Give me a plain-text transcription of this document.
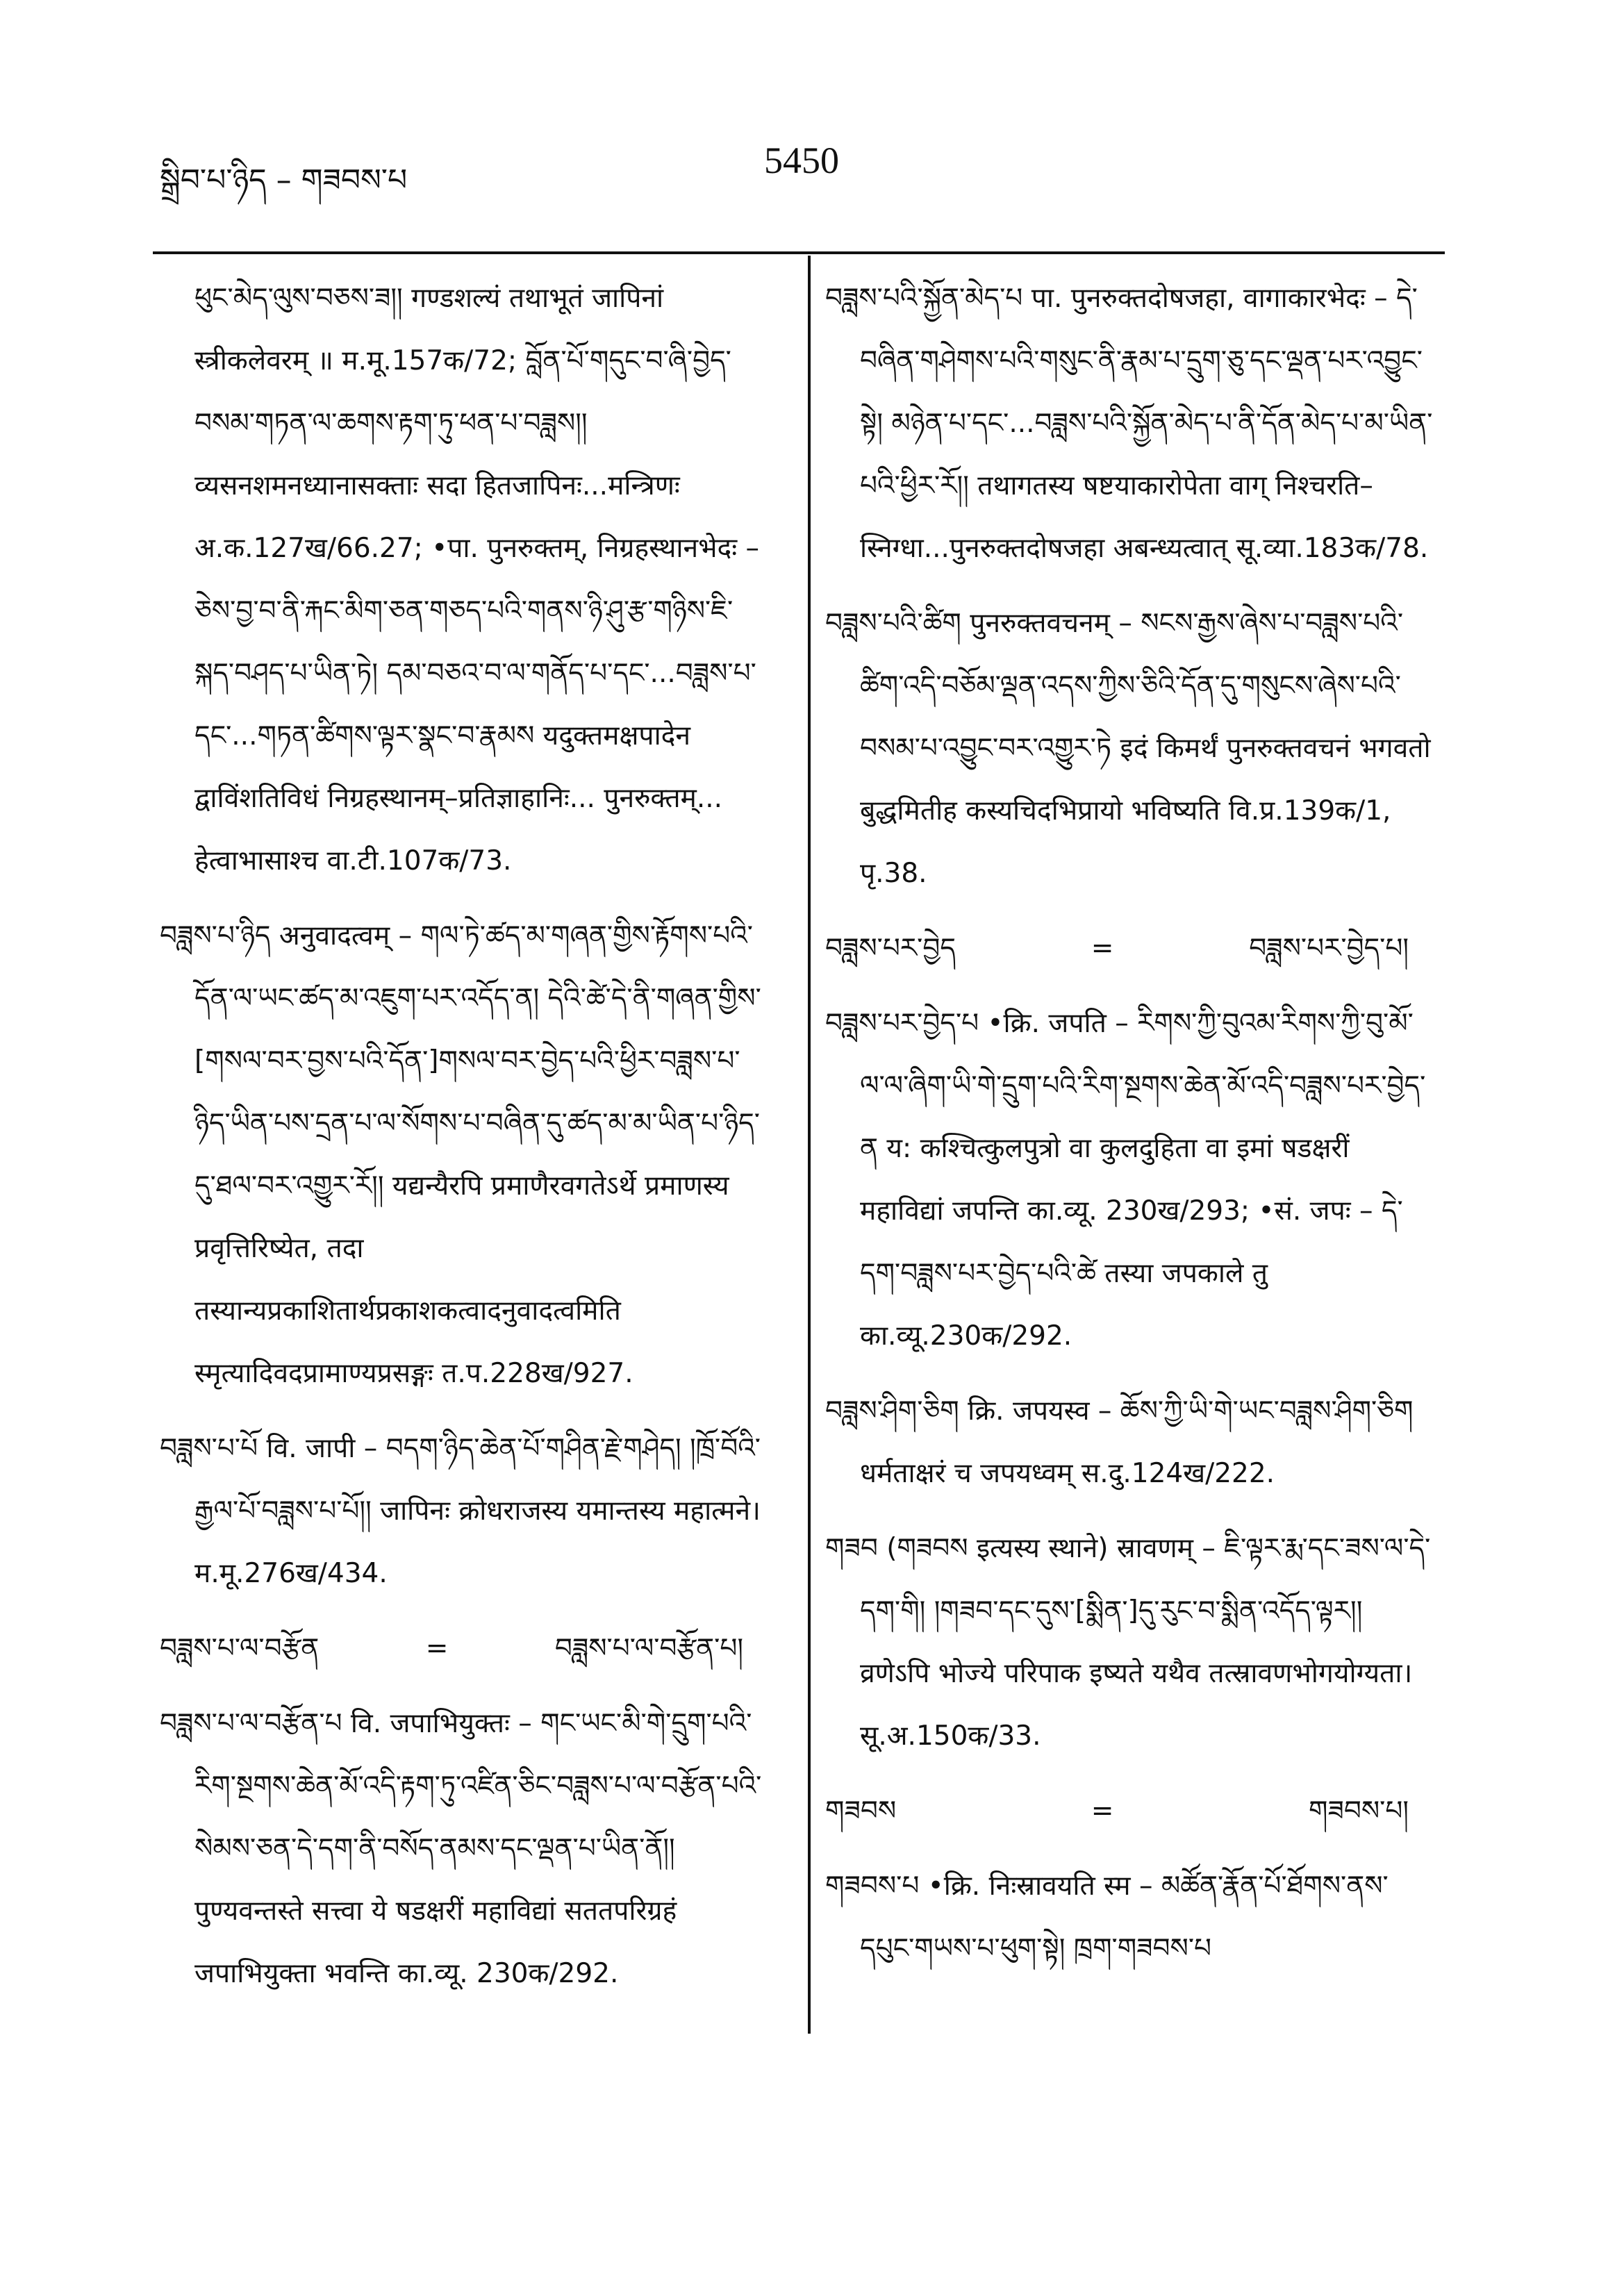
སྒྲིབ་པ་ཉིད – གཟབས་པ	5450

ཕུང་མེད་ལུས་བཅས་ཟ།། गण्डशल्यं तथाभूतं जापिनां स्त्रीकलेवरम् ॥ म.मू.157क/72; བློན་པོ་གདུང་བ་ཞི་བྱེད་བསམ་གཏན་ལ་ཆགས་རྟག་ཏུ་ཕན་པ་བཟླས།། व्यसनशमनध्यानासक्ताः सदा हितजापिनः...मन्त्रिणः अ.क.127ख/66.27; •पा. पुनरुक्तम्, निग्रहस्थानभेदः – ཅེས་བྱ་བ་ནི་རྐང་མིག་ཅན་གཅད་པའི་གནས་ཉི་ཤུ་རྩ་གཉིས་ཇི་སྐད་བཤད་པ་ཡིན་ཏེ། དམ་བཅའ་བ་ལ་གནོད་པ་དང་...བཟླས་པ་དང་...གཏན་ཚིགས་ལྟར་སྣང་བ་རྣམས यदुक्तमक्षपादेन द्वाविंशतिविधं निग्रहस्थानम्–प्रतिज्ञाहानिः... पुनरुक्तम्... हेत्वाभासाश्च वा.टी.107क/73.

བཟླས་པ་ཉིད अनुवादत्वम् – གལ་ཏེ་ཚད་མ་གཞན་གྱིས་རྟོགས་པའི་དོན་ལ་ཡང་ཚད་མ་འཇུག་པར་འདོད་ན། དེའི་ཚེ་དེ་ནི་གཞན་གྱིས་[གསལ་བར་བྱས་པའི་དོན་]གསལ་བར་བྱེད་པའི་ཕྱིར་བཟླས་པ་ཉིད་ཡིན་པས་དྲན་པ་ལ་སོགས་པ་བཞིན་དུ་ཚད་མ་མ་ཡིན་པ་ཉིད་དུ་ཐལ་བར་འགྱུར་རོ།། यद्यन्यैरपि प्रमाणैरवगतेऽर्थे प्रमाणस्य प्रवृत्तिरिष्येत, तदा तस्यान्यप्रकाशितार्थप्रकाशकत्वादनुवादत्वमिति स्मृत्यादिवदप्रामाण्यप्रसङ्गः त.प.228ख/927.

བཟླས་པ་པོ वि. जापी – བདག་ཉིད་ཆེན་པོ་གཤིན་རྗེ་གཤེད། །ཁྲོ་བོའི་རྒྱལ་པོ་བཟླས་པ་པོ།། जापिनः क्रोधराजस्य यमान्तस्य महात्मने। म.मू.276ख/434.

བཟླས་པ་ལ་བརྩོན	=	བཟླས་པ་ལ་བརྩོན་པ།

བཟླས་པ་ལ་བརྩོན་པ वि. जपाभियुक्तः – གང་ཡང་མི་གེ་དྲུག་པའི་རིག་སྔགས་ཆེན་མོ་འདི་རྟག་ཏུ་འཛིན་ཅིང་བཟླས་པ་ལ་བརྩོན་པའི་སེམས་ཅན་དེ་དག་ནི་བསོད་ནམས་དང་ལྡན་པ་ཡིན་ནོ།། पुण्यवन्तस्ते सत्त्वा ये षडक्षरीं महाविद्यां सततपरिग्रहं जपाभियुक्ता भवन्ति का.व्यू. 230क/292.

བཟླས་པའི་སྐྱོན་མེད་པ पा. पुनरुक्तदोषजहा, वागाकारभेदः – དེ་བཞིན་གཤེགས་པའི་གསུང་ནི་རྣམ་པ་དྲུག་ཅུ་དང་ལྡན་པར་འབྱུང་སྟེ། མཉེན་པ་དང་...བཟླས་པའི་སྐྱོན་མེད་པ་ནི་དོན་མེད་པ་མ་ཡིན་པའི་ཕྱིར་རོ།། तथागतस्य षष्टयाकारोपेता वाग् निश्चरति–स्निग्धा...पुनरुक्तदोषजहा अबन्ध्यत्वात् सू.व्या.183क/78.

བཟླས་པའི་ཚིག पुनरुक्तवचनम् – སངས་རྒྱས་ཞེས་པ་བཟླས་པའི་ཚིག་འདི་བཅོམ་ལྡན་འདས་ཀྱིས་ཅིའི་དོན་དུ་གསུངས་ཞེས་པའི་བསམ་པ་འབྱུང་བར་འགྱུར་ཏེ इदं किमर्थं पुनरुक्तवचनं भगवतो बुद्धमितीह कस्यचिदभिप्रायो भविष्यति वि.प्र.139क/1, पृ.38.

བཟླས་པར་བྱེད	=	བཟླས་པར་བྱེད་པ།

བཟླས་པར་བྱེད་པ •क्रि. जपति – རིགས་ཀྱི་བུའམ་རིགས་ཀྱི་བུ་མོ་ལ་ལ་ཞིག་ཡི་གེ་དྲུག་པའི་རིག་སྔགས་ཆེན་མོ་འདི་བཟླས་པར་བྱེད་ན य: कश्चित्कुलपुत्रो वा कुलदुहिता वा इमां षडक्षरीं महाविद्यां जपन्ति का.व्यू. 230ख/293; •सं. जपः – དེ་དག་བཟླས་པར་བྱེད་པའི་ཚེ तस्या जपकाले तु का.व्यू.230क/292.

བཟླས་ཤིག་ཅིག क्रि. जपयस्व – ཆོས་ཀྱི་ཡི་གེ་ཡང་བཟླས་ཤིག་ཅིག धर्मताक्षरं च जपयध्वम् स.दु.124ख/222.

གཟབ (གཟབས इत्यस्य स्थाने) स्रावणम् – ཇི་ལྟར་རྨ་དང་ཟས་ལ་དེ་དག་གི། །གཟབ་དང་དུས་[སྨིན་]དུ་རུང་བ་སྨིན་འདོད་ལྟར།། व्रणेऽपि भोज्ये परिपाक इष्यते यथैव तत्स्रावणभोगयोग्यता। सू.अ.150क/33.

གཟབས	=	གཟབས་པ།

གཟབས་པ •क्रि. निःस्रावयति स्म – མཚོན་རྣོན་པོ་ཐོགས་ནས་དཔུང་གཡས་པ་ཕུག་སྟེ། ཁྲག་གཟབས་པ
